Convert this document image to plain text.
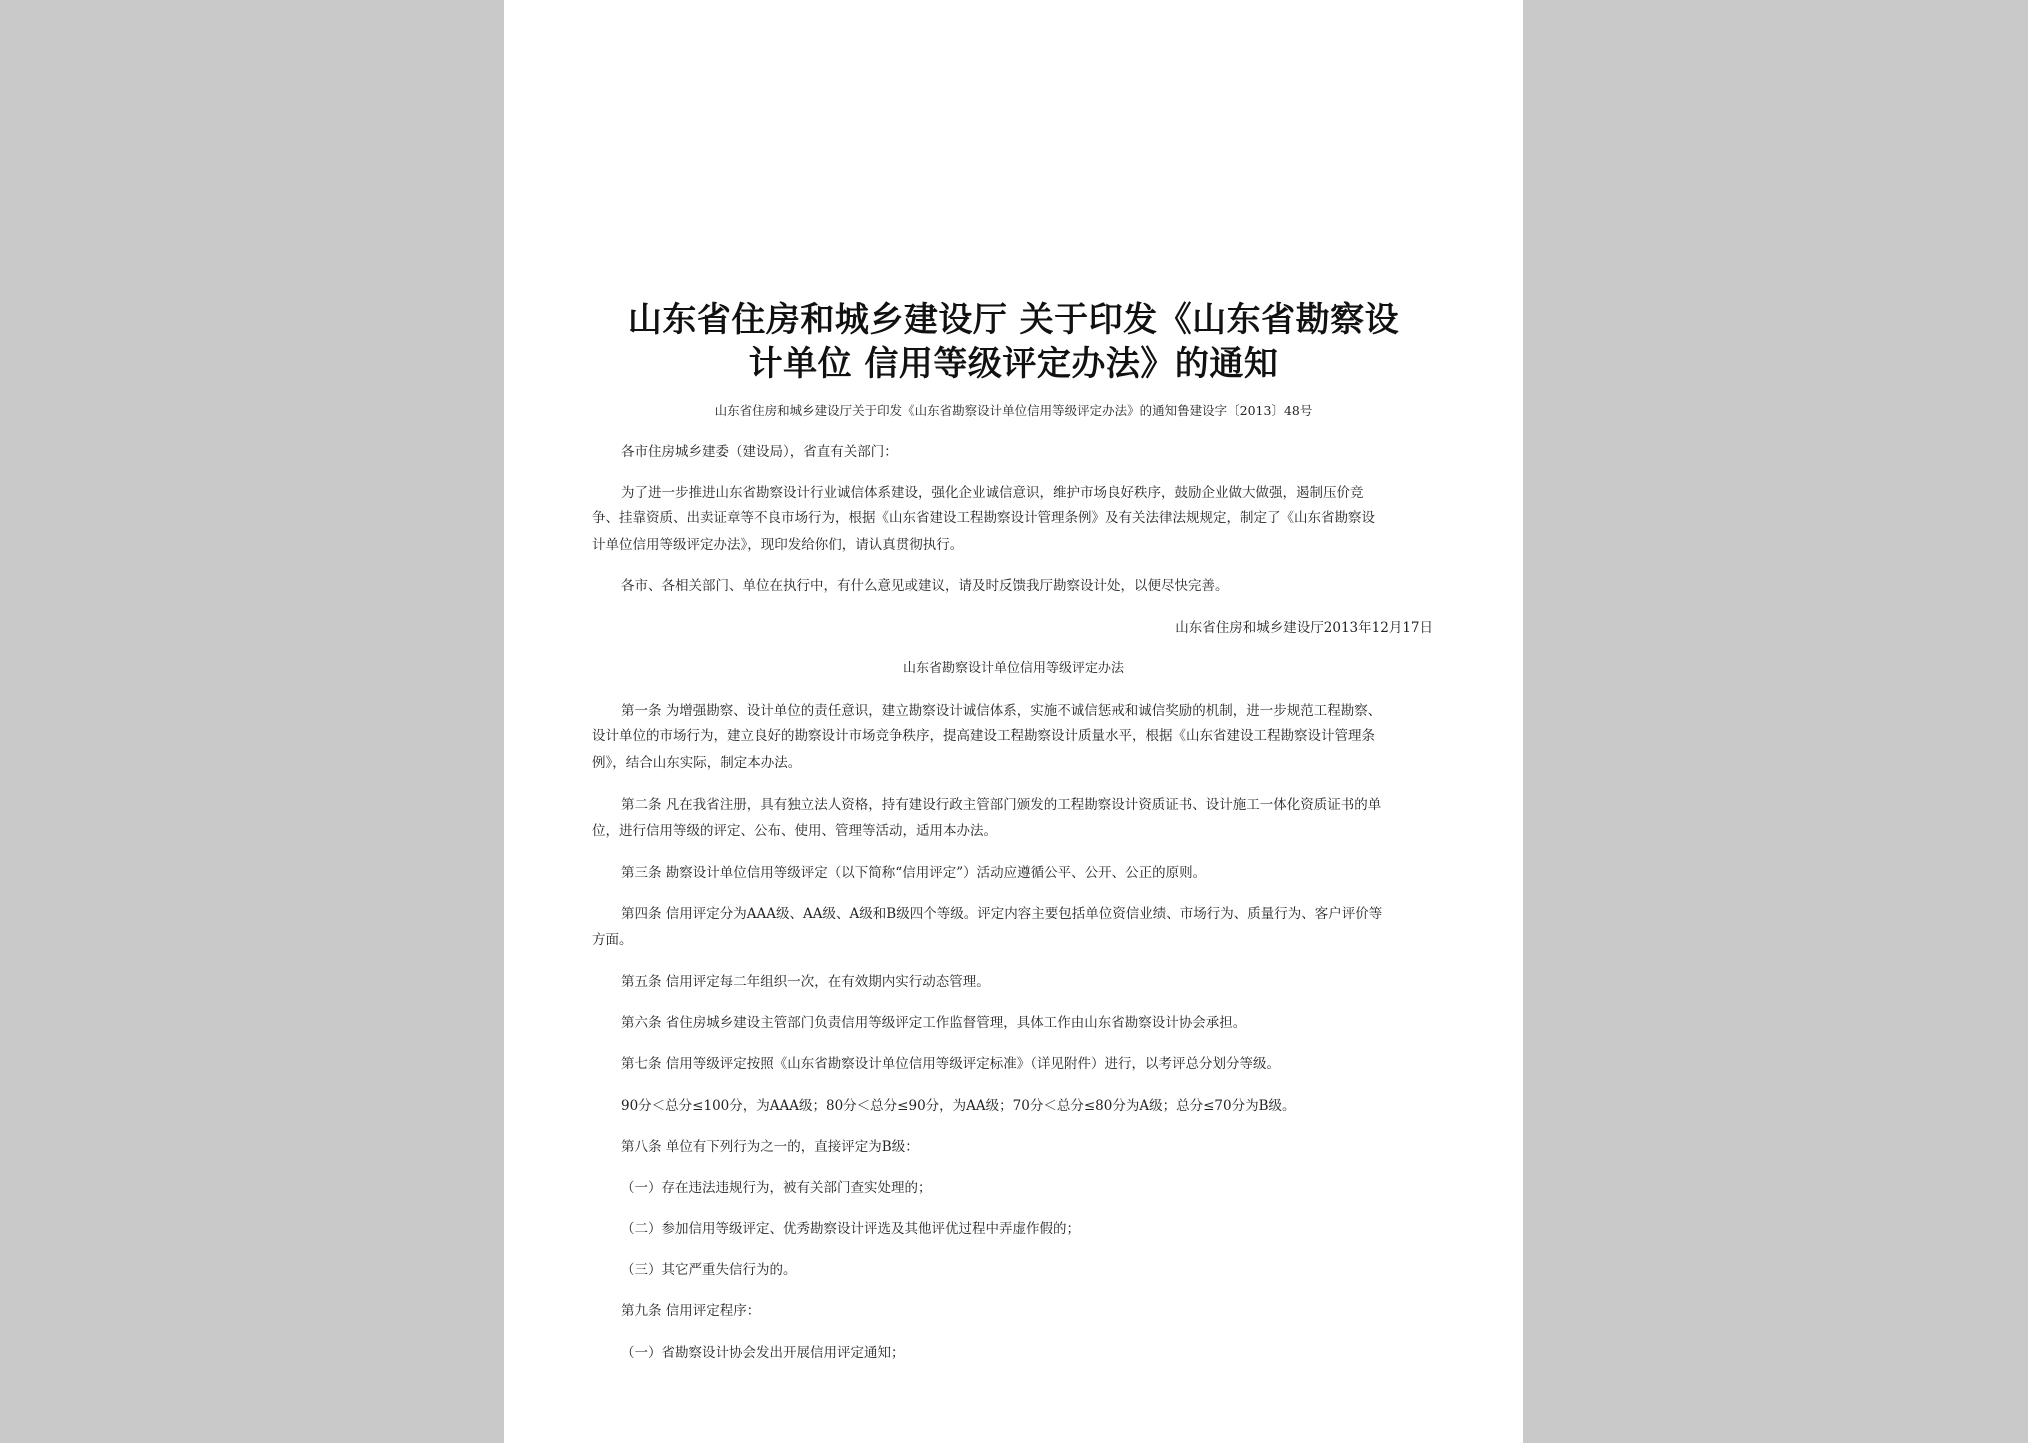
山东省住房和城乡建设厅 关于印发《山东省勘察设
计单位 信用等级评定办法》的通知
山东省住房和城乡建设厅关于印发《山东省勘察设计单位信用等级评定办法》的通知鲁建设字〔2013〕48号
各市住房城乡建委（建设局），省直有关部门：
为了进一步推进山东省勘察设计行业诚信体系建设，强化企业诚信意识，维护市场良好秩序，鼓励企业做大做强，遏制压价竞
争、挂靠资质、出卖证章等不良市场行为，根据《山东省建设工程勘察设计管理条例》及有关法律法规规定，制定了《山东省勘察设
计单位信用等级评定办法》，现印发给你们，请认真贯彻执行。
各市、各相关部门、单位在执行中，有什么意见或建议，请及时反馈我厅勘察设计处，以便尽快完善。
山东省住房和城乡建设厅2013年12月17日
山东省勘察设计单位信用等级评定办法
第一条 为增强勘察、设计单位的责任意识，建立勘察设计诚信体系，实施不诚信惩戒和诚信奖励的机制，进一步规范工程勘察、
设计单位的市场行为，建立良好的勘察设计市场竞争秩序，提高建设工程勘察设计质量水平，根据《山东省建设工程勘察设计管理条
例》，结合山东实际，制定本办法。
第二条 凡在我省注册，具有独立法人资格，持有建设行政主管部门颁发的工程勘察设计资质证书、设计施工一体化资质证书的单
位，进行信用等级的评定、公布、使用、管理等活动，适用本办法。
第三条 勘察设计单位信用等级评定（以下简称“信用评定”）活动应遵循公平、公开、公正的原则。
第四条 信用评定分为AAA级、AA级、A级和B级四个等级。评定内容主要包括单位资信业绩、市场行为、质量行为、客户评价等
方面。
第五条 信用评定每二年组织一次，在有效期内实行动态管理。
第六条 省住房城乡建设主管部门负责信用等级评定工作监督管理，具体工作由山东省勘察设计协会承担。
第七条 信用等级评定按照《山东省勘察设计单位信用等级评定标准》（详见附件）进行，以考评总分划分等级。
90分＜总分≤100分，为AAA级；80分＜总分≤90分，为AA级；70分＜总分≤80分为A级；总分≤70分为B级。
第八条 单位有下列行为之一的，直接评定为B级：
（一）存在违法违规行为，被有关部门查实处理的；
（二）参加信用等级评定、优秀勘察设计评选及其他评优过程中弄虚作假的；
（三）其它严重失信行为的。
第九条 信用评定程序：
（一）省勘察设计协会发出开展信用评定通知；
